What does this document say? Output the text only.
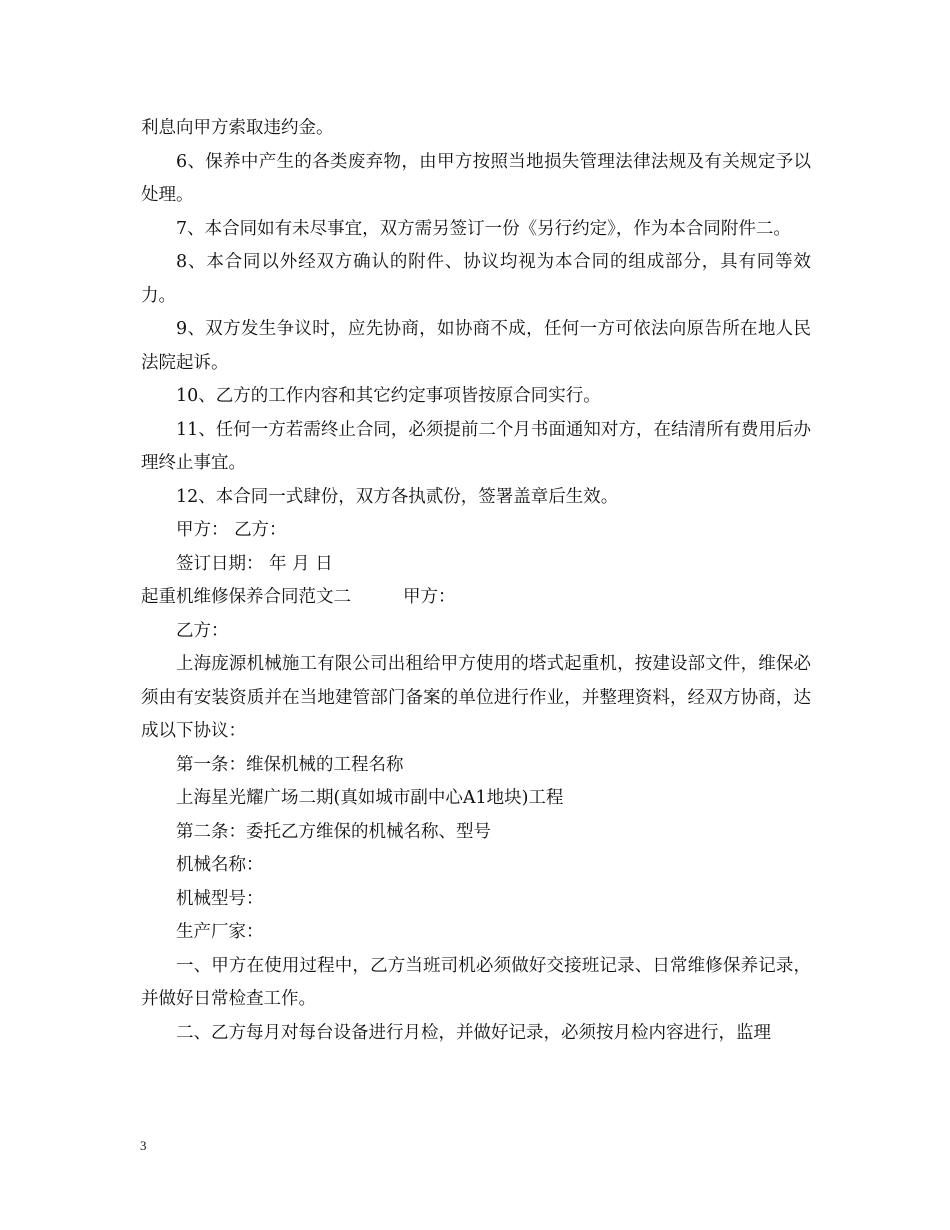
利息向甲方索取违约金。

6、保养中产生的各类废弃物，由甲方按照当地损失管理法律法规及有关规定予以处理。

7、本合同如有未尽事宜，双方需另签订一份《另行约定》，作为本合同附件二。

8、本合同以外经双方确认的附件、协议均视为本合同的组成部分，具有同等效力。

9、双方发生争议时，应先协商，如协商不成，任何一方可依法向原告所在地人民法院起诉。

10、乙方的工作内容和其它约定事项皆按原合同实行。

11、任何一方若需终止合同，必须提前二个月书面通知对方，在结清所有费用后办理终止事宜。

12、本合同一式肆份，双方各执贰份，签署盖章后生效。

甲方： 乙方：

签订日期： 年 月 日

起重机维修保养合同范文二	甲方：

乙方：

上海庞源机械施工有限公司出租给甲方使用的塔式起重机，按建设部文件，维保必须由有安装资质并在当地建管部门备案的单位进行作业，并整理资料，经双方协商，达成以下协议：

第一条：维保机械的工程名称

上海星光耀广场二期(真如城市副中心A1地块)工程

第二条：委托乙方维保的机械名称、型号

机械名称：

机械型号：

生产厂家：

一、甲方在使用过程中，乙方当班司机必须做好交接班记录、日常维修保养记录，并做好日常检查工作。

二、乙方每月对每台设备进行月检，并做好记录，必须按月检内容进行，监理

3
